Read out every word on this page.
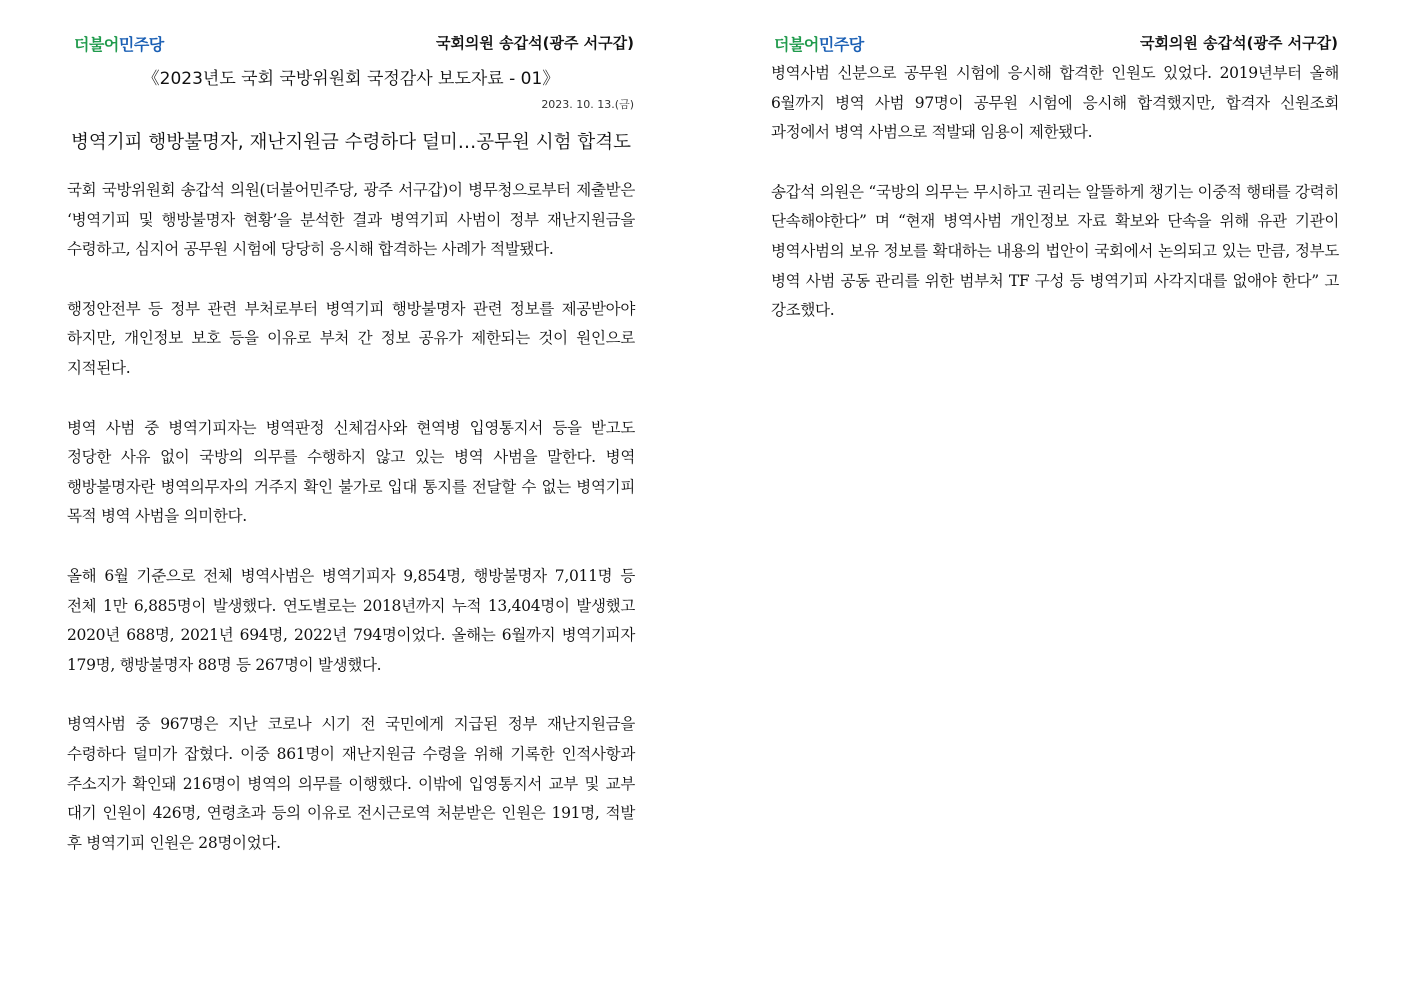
더불어민주당	국회의원 송갑석(광주 서구갑)
《2023년도 국회 국방위원회 국정감사 보도자료 - 01》
2023. 10. 13.(금)
병역기피 행방불명자, 재난지원금 수령하다 덜미…공무원 시험 합격도

국회 국방위원회 송갑석 의원(더불어민주당, 광주 서구갑)이 병무청으로부터 제출받은 ‘병역기피 및 행방불명자 현황’을 분석한 결과 병역기피 사범이 정부 재난지원금을 수령하고, 심지어 공무원 시험에 당당히 응시해 합격하는 사례가 적발됐다.

행정안전부 등 정부 관련 부처로부터 병역기피 행방불명자 관련 정보를 제공받아야 하지만, 개인정보 보호 등을 이유로 부처 간 정보 공유가 제한되는 것이 원인으로 지적된다.

병역 사범 중 병역기피자는 병역판정 신체검사와 현역병 입영통지서 등을 받고도 정당한 사유 없이 국방의 의무를 수행하지 않고 있는 병역 사범을 말한다. 병역 행방불명자란 병역의무자의 거주지 확인 불가로 입대 통지를 전달할 수 없는 병역기피 목적 병역 사범을 의미한다.

올해 6월 기준으로 전체 병역사범은 병역기피자 9,854명, 행방불명자 7,011명 등 전체 1만 6,885명이 발생했다. 연도별로는 2018년까지 누적 13,404명이 발생했고 2020년 688명, 2021년 694명, 2022년 794명이었다. 올해는 6월까지 병역기피자 179명, 행방불명자 88명 등 267명이 발생했다.

병역사범 중 967명은 지난 코로나 시기 전 국민에게 지급된 정부 재난지원금을 수령하다 덜미가 잡혔다. 이중 861명이 재난지원금 수령을 위해 기록한 인적사항과 주소지가 확인돼 216명이 병역의 의무를 이행했다. 이밖에 입영통지서 교부 및 교부 대기 인원이 426명, 연령초과 등의 이유로 전시근로역 처분받은 인원은 191명, 적발 후 병역기피 인원은 28명이었다.

더불어민주당	국회의원 송갑석(광주 서구갑)

병역사범 신분으로 공무원 시험에 응시해 합격한 인원도 있었다. 2019년부터 올해 6월까지 병역 사범 97명이 공무원 시험에 응시해 합격했지만, 합격자 신원조회 과정에서 병역 사범으로 적발돼 임용이 제한됐다.

송갑석 의원은 “국방의 의무는 무시하고 권리는 알뜰하게 챙기는 이중적 행태를 강력히 단속해야한다” 며 “현재 병역사범 개인정보 자료 확보와 단속을 위해 유관 기관이 병역사범의 보유 정보를 확대하는 내용의 법안이 국회에서 논의되고 있는 만큼, 정부도 병역 사범 공동 관리를 위한 범부처 TF 구성 등 병역기피 사각지대를 없애야 한다” 고 강조했다.
